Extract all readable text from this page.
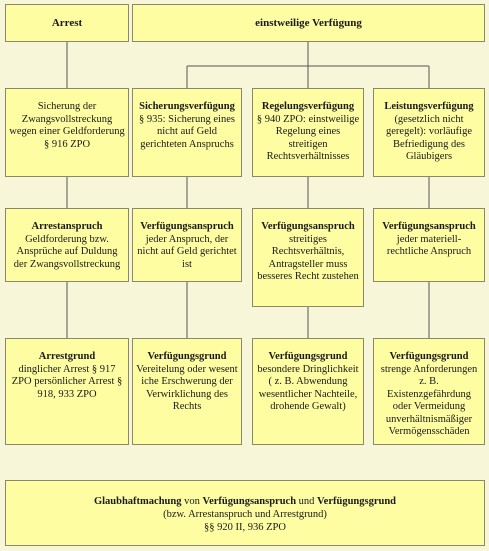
Arrest	einstweilige Verfügung
Sicherung der Zwangsvollstreckung wegen einer Geldforderung § 916 ZPO
Sicherungsverfügung
§ 935: Sicherung eines nicht auf Geld gerichteten Anspruchs
Regelungsverfügung
§ 940 ZPO: einstweilige Regelung eines streitigen Rechtsverhältnisses
Leistungsverfügung
(gesetzlich nicht geregelt): vorläufige Befriedigung des Gläubigers
Arrestanspruch
Geldforderung bzw. Ansprüche auf Duldung der Zwangsvollstreckung
Verfügungsanspruch
jeder Anspruch, der nicht auf Geld gerichtet ist
Verfügungsanspruch
streitiges Rechtsverhältnis, Antragsteller muss besseres Recht zustehen
Verfügungsanspruch
jeder materiell-rechtliche Anspruch
Arrestgrund
dinglicher Arrest § 917 ZPO persönlicher Arrest § 918, 933 ZPO
Verfügungsgrund
Vereitelung oder wesent iche Erschwerung der Verwirklichung des Rechts
Verfügungsgrund
besondere Dringlichkeit ( z. B. Abwendung wesentlicher Nachteile, drohende Gewalt)
Verfügungsgrund
strenge Anforderungen z. B. Existenzgefährdung oder Vermeidung unverhältnismäßiger Vermögensschäden
Glaubhaftmachung von Verfügungsanspruch und Verfügungsgrund
(bzw. Arrestanspruch und Arrestgrund)
§§ 920 II, 936 ZPO
